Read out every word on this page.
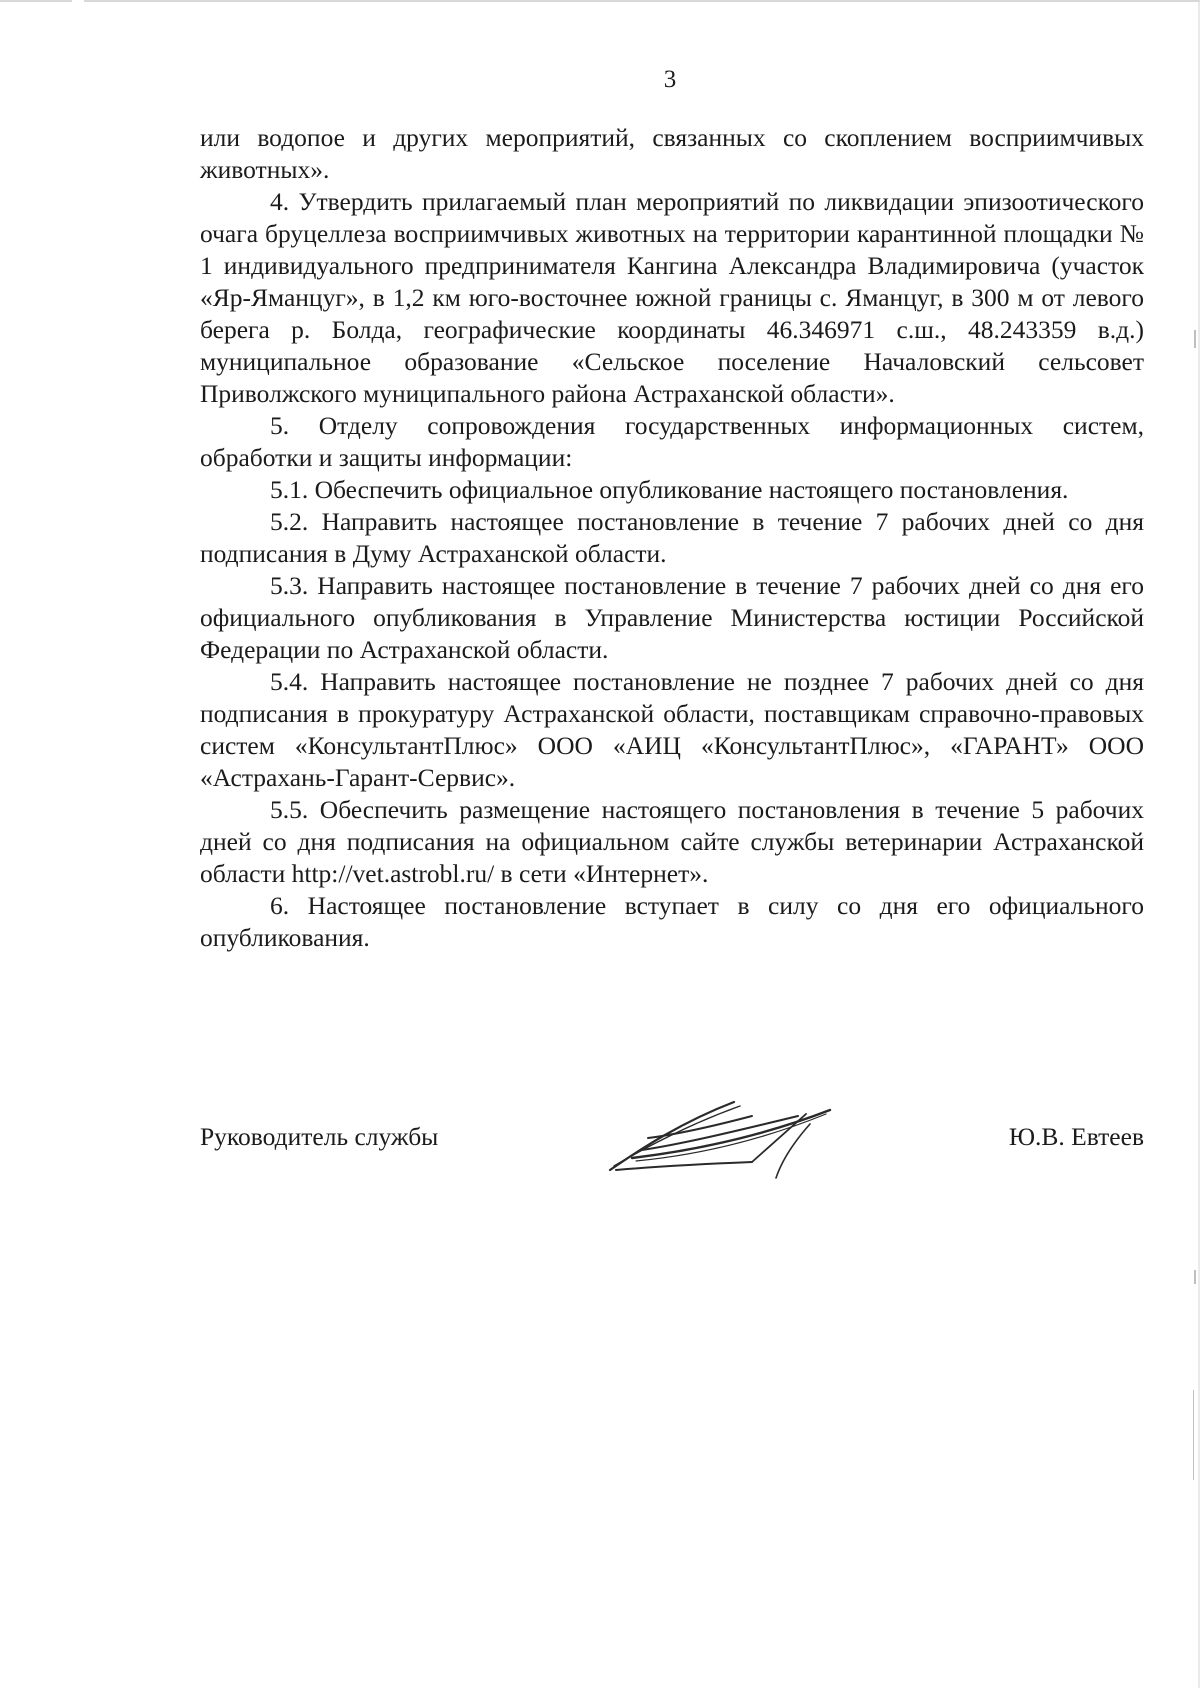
3

или водопое и других мероприятий, связанных со скоплением восприимчивых животных».

4. Утвердить прилагаемый план мероприятий по ликвидации эпизоотического очага бруцеллеза восприимчивых животных на территории карантинной площадки № 1 индивидуального предпринимателя Кангина Александра Владимировича (участок «Яр-Яманцуг», в 1,2 км юго-восточнее южной границы с. Яманцуг, в 300 м от левого берега р. Болда, географические координаты 46.346971 с.ш., 48.243359 в.д.) муниципальное образование «Сельское поселение Началовский сельсовет Приволжского муниципального района Астраханской области».

5. Отделу сопровождения государственных информационных систем, обработки и защиты информации:

5.1. Обеспечить официальное опубликование настоящего постановления.

5.2. Направить настоящее постановление в течение 7 рабочих дней со дня подписания в Думу Астраханской области.

5.3. Направить настоящее постановление в течение 7 рабочих дней со дня его официального опубликования в Управление Министерства юстиции Российской Федерации по Астраханской области.

5.4. Направить настоящее постановление не позднее 7 рабочих дней со дня подписания в прокуратуру Астраханской области, поставщикам справочно-правовых систем «КонсультантПлюс» ООО «АИЦ «КонсультантПлюс», «ГАРАНТ» ООО «Астрахань-Гарант-Сервис».

5.5. Обеспечить размещение настоящего постановления в течение 5 рабочих дней со дня подписания на официальном сайте службы ветеринарии Астраханской области http://vet.astrobl.ru/ в сети «Интернет».

6. Настоящее постановление вступает в силу со дня его официального опубликования.

Руководитель службы	Ю.В. Евтеев
